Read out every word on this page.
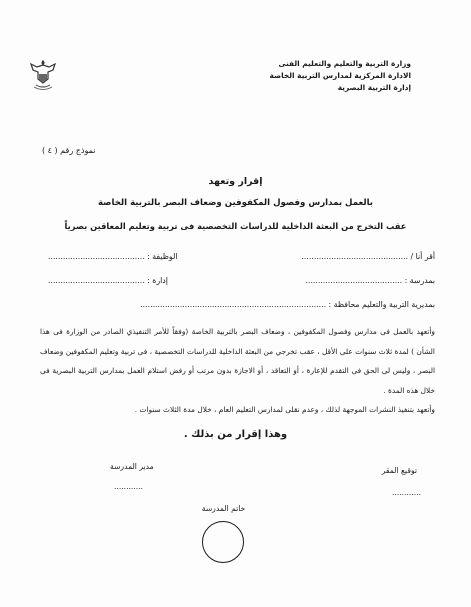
وزارة التربية والتعليم والتعليم الفنى
الادارة المركزية لمدارس التربية الخاصة
إدارة التربية البصرية
نموذج رقم ( ٤ )
إقرار وتعهد
بالعمل بمدارس وفصول المكفوفين وضعاف البصر بالتربية الخاصة
عقب التخرج من البعثة الداخلية للدراسات التخصصية فى تربية وتعليم المعاقين بصرياً
أقر أنا / ...........................................
الوظيفة : .......................................
بمدرسة : .......................................
إدارة : .......................................
بمديرية التربية والتعليم محافظة : ...........................................................................
وأتعهد بالعمل فى مدارس وفصول المكفوفين ، وضعاف البصر بالتربية الخاصة (وفقاً للأمر التنفيذي الصادر من الوزارة فى هذا الشأن ) لمدة ثلاث سنوات على الأقل ، عقب تخرجي من البعثة الداخلية للدراسات التخصصية ، فى تربية وتعليم المكفوفين وضعاف البصر ، وليس لى الحق فى التقدم للإعارة ، أو التعاقد ، أو الاجازة بدون مرتب أو رفض استلام العمل بمدارس التربية البصرية فى خلال هذه المدة .
وأتعهد بتنفيذ النشرات الموجهة لذلك ، وعدم نقلى لمدارس التعليم العام ، خلال مدة الثلاث سنوات .
وهذا إقرار من بذلك .
مدير المدرسة
............
توقيع المقر
............
خاتم المدرسة
